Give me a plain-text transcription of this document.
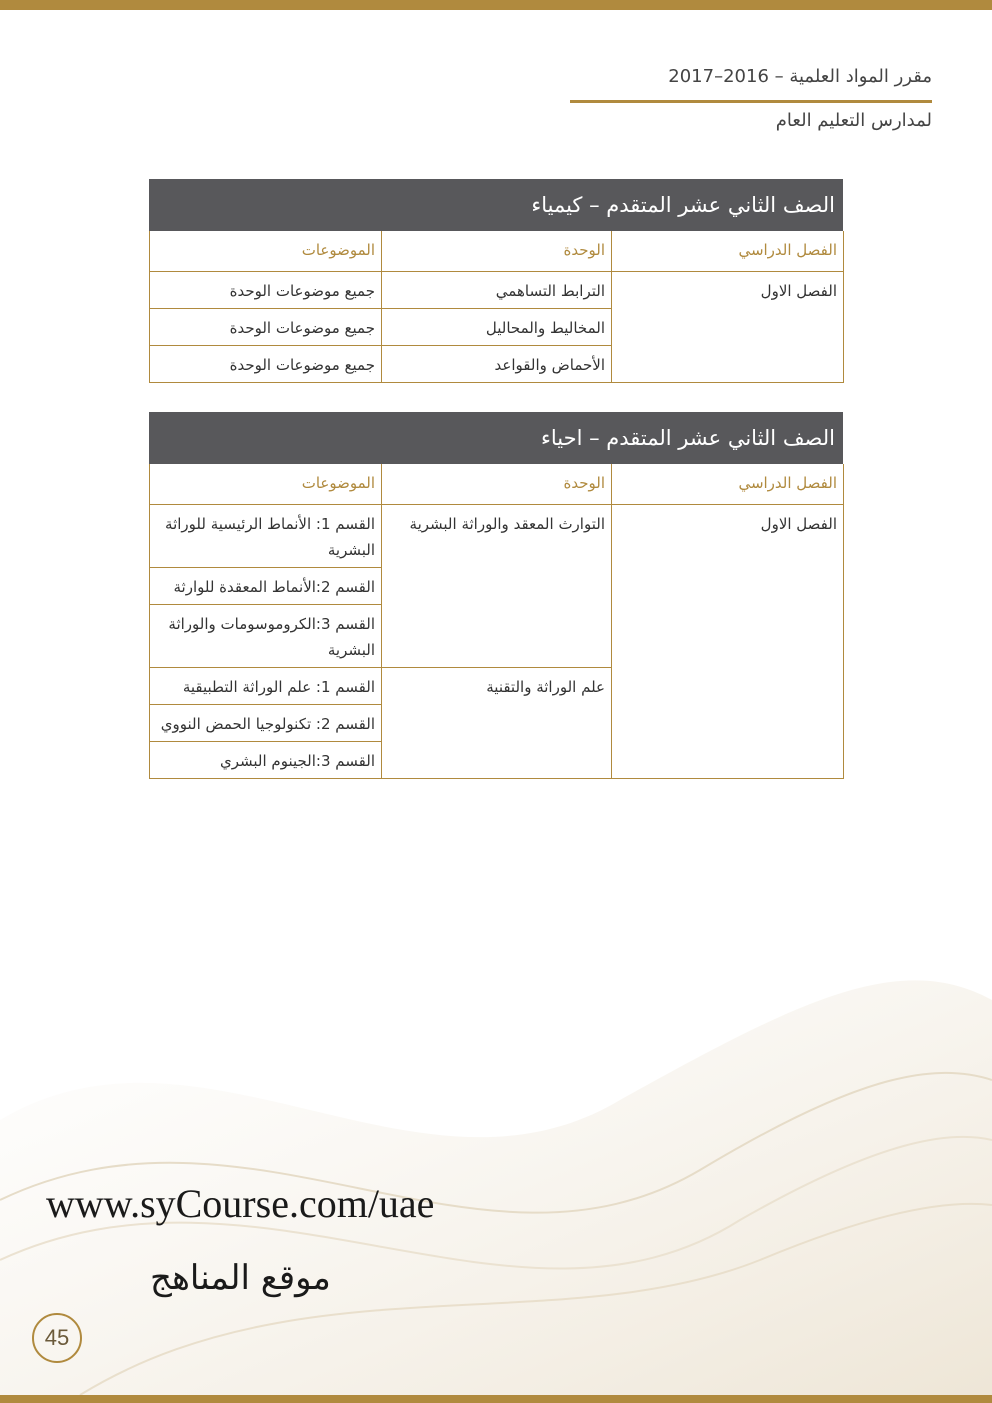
مقرر المواد العلمية – 2016–2017
لمدارس التعليم العام
الصف الثاني عشر المتقدم – كيمياء
الفصل الدراسي	الوحدة	الموضوعات
الفصل الاول	الترابط التساهمي	جميع موضوعات الوحدة
	المخاليط والمحاليل	جميع موضوعات الوحدة
	الأحماض والقواعد	جميع موضوعات الوحدة
الصف الثاني عشر المتقدم – احياء
الفصل الدراسي	الوحدة	الموضوعات
الفصل الاول	التوارث المعقد والوراثة البشرية	القسم 1: الأنماط الرئيسية للوراثة البشرية
		القسم 2:الأنماط المعقدة للوارثة
		القسم 3:الكروموسومات والوراثة البشرية
	علم الوراثة والتقنية	القسم 1: علم الوراثة التطبيقية
		القسم 2: تكنولوجيا الحمض النووي
		القسم 3:الجينوم البشري
www.syCourse.com/uae
موقع المناهج
45
